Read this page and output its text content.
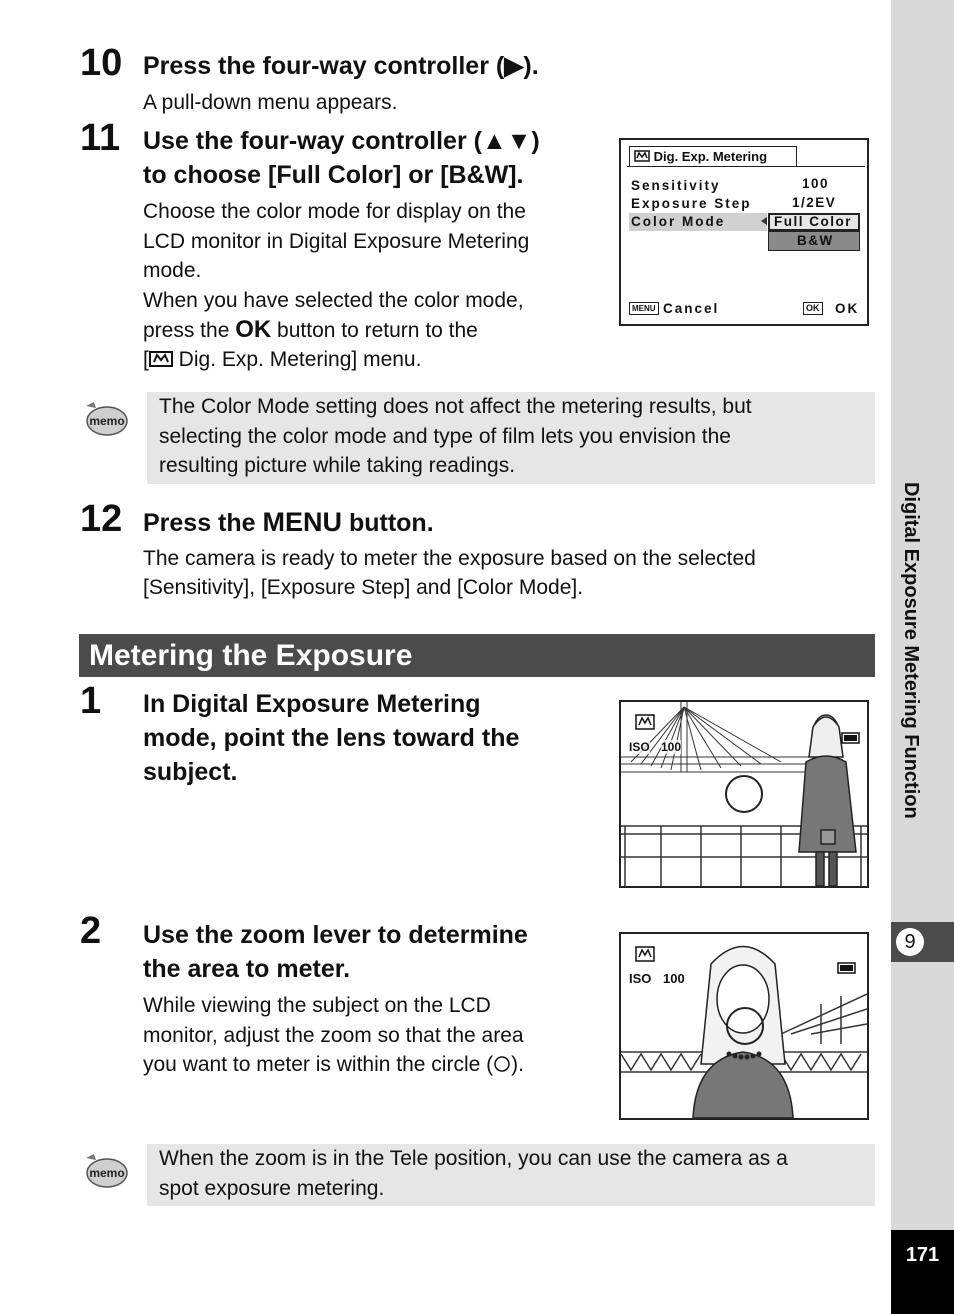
Digital Exposure Metering Function
9
171
10 Press the four-way controller (▶).
A pull-down menu appears.
11 Use the four-way controller (▲▼)
to choose [Full Color] or [B&W].
Choose the color mode for display on the
LCD monitor in Digital Exposure Metering
mode.
When you have selected the color mode,
press the OK button to return to the
[ Dig. Exp. Metering] menu.
Dig. Exp. Metering
Sensitivity	100
Exposure Step	1/2EV
Color Mode	Full Color
B&W
MENU Cancel	OK OK
memo
The Color Mode setting does not affect the metering results, but
selecting the color mode and type of film lets you envision the
resulting picture while taking readings.
12 Press the MENU button.
The camera is ready to meter the exposure based on the selected
[Sensitivity], [Exposure Step] and [Color Mode].
Metering the Exposure
1 In Digital Exposure Metering
mode, point the lens toward the
subject.
ISO 100
2 Use the zoom lever to determine
the area to meter.
While viewing the subject on the LCD
monitor, adjust the zoom so that the area
you want to meter is within the circle ( ).
ISO 100
memo
When the zoom is in the Tele position, you can use the camera as a
spot exposure metering.
